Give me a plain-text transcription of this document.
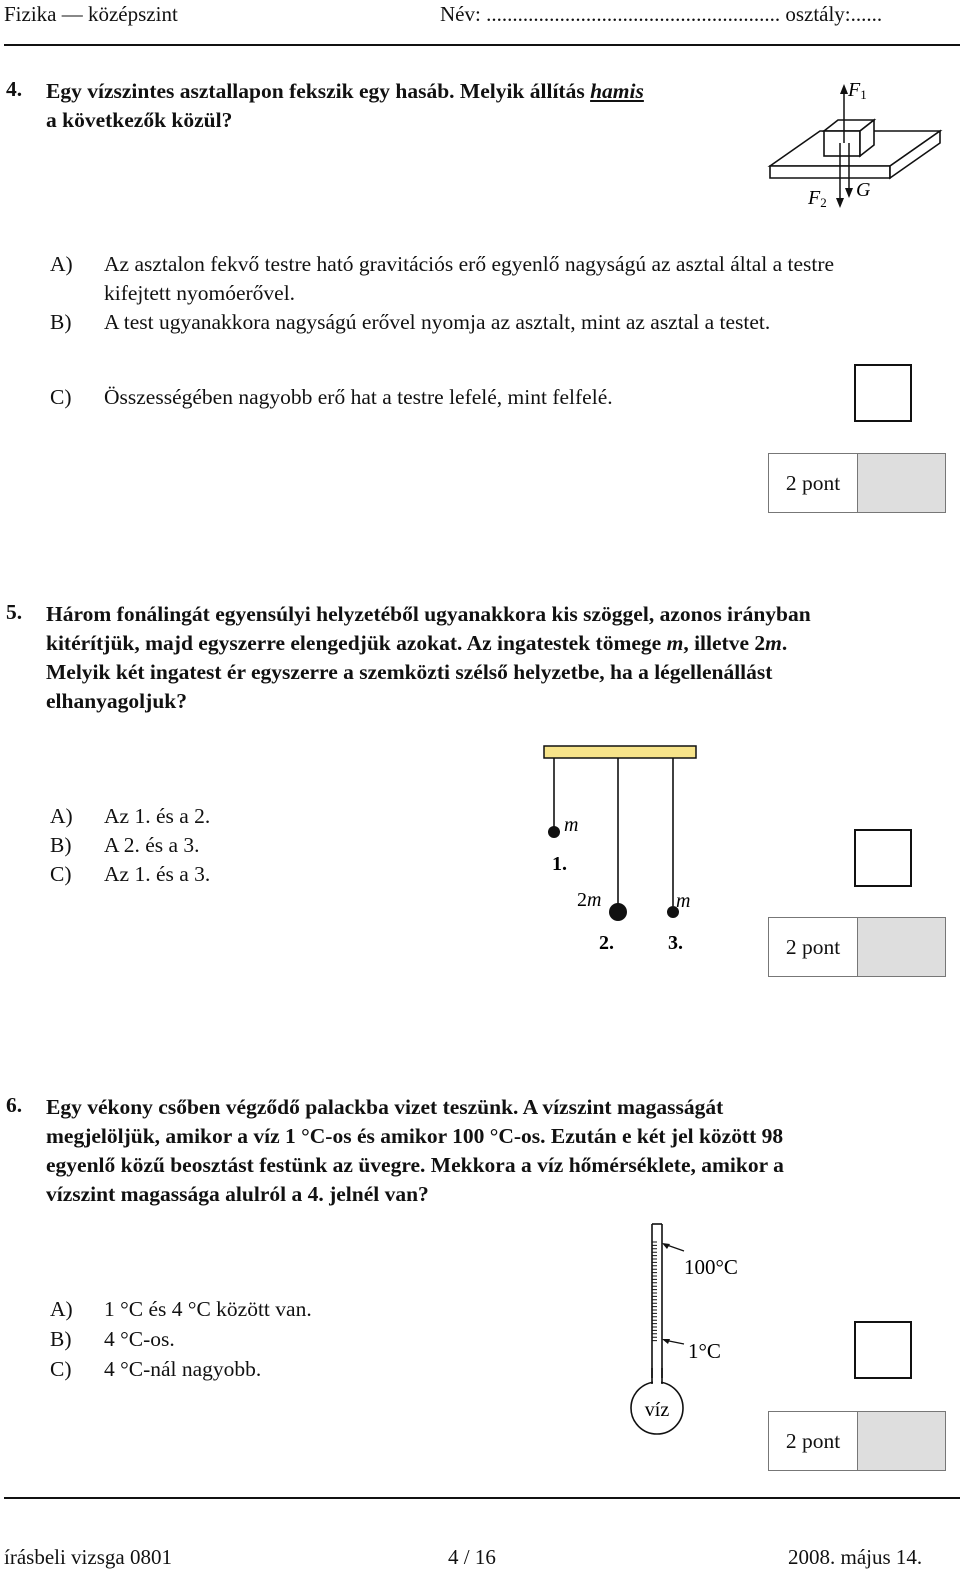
Fizika — középszint	Név: ........................................................ osztály:......
4. Egy vízszintes asztallapon fekszik egy hasáb. Melyik állítás hamis
a következők közül?
F1
F2
G
A) Az asztalon fekvő testre ható gravitációs erő egyenlő nagyságú az asztal által a testre kifejtett nyomóerővel.
B) A test ugyanakkora nagyságú erővel nyomja az asztalt, mint az asztal a testet.
C) Összességében nagyobb erő hat a testre lefelé, mint felfelé.
2 pont
5. Három fonálingát egyensúlyi helyzetéből ugyanakkora kis szöggel, azonos irányban
kitérítjük, majd egyszerre elengedjük azokat. Az ingatestek tömege m, illetve 2m.
Melyik két ingatest ér egyszerre a szemközti szélső helyzetbe, ha a légellenállást
elhanyagoljuk?
A) Az 1. és a 2.
B) A 2. és a 3.
C) Az 1. és a 3.
m
1.
2m
2.
m
3.	2 pont
6. Egy vékony csőben végződő palackba vizet teszünk. A vízszint magasságát
megjelöljük, amikor a víz 1 °C-os és amikor 100 °C-os. Ezután e két jel között 98
egyenlő közű beosztást festünk az üvegre. Mekkora a víz hőmérséklete, amikor a
vízszint magassága alulról a 4. jelnél van?
A) 1 °C és 4 °C között van.
B) 4 °C-os.
C) 4 °C-nál nagyobb.
víz
100°C
1°C
2 pont
írásbeli vizsga 0801	4 / 16	2008. május 14.
